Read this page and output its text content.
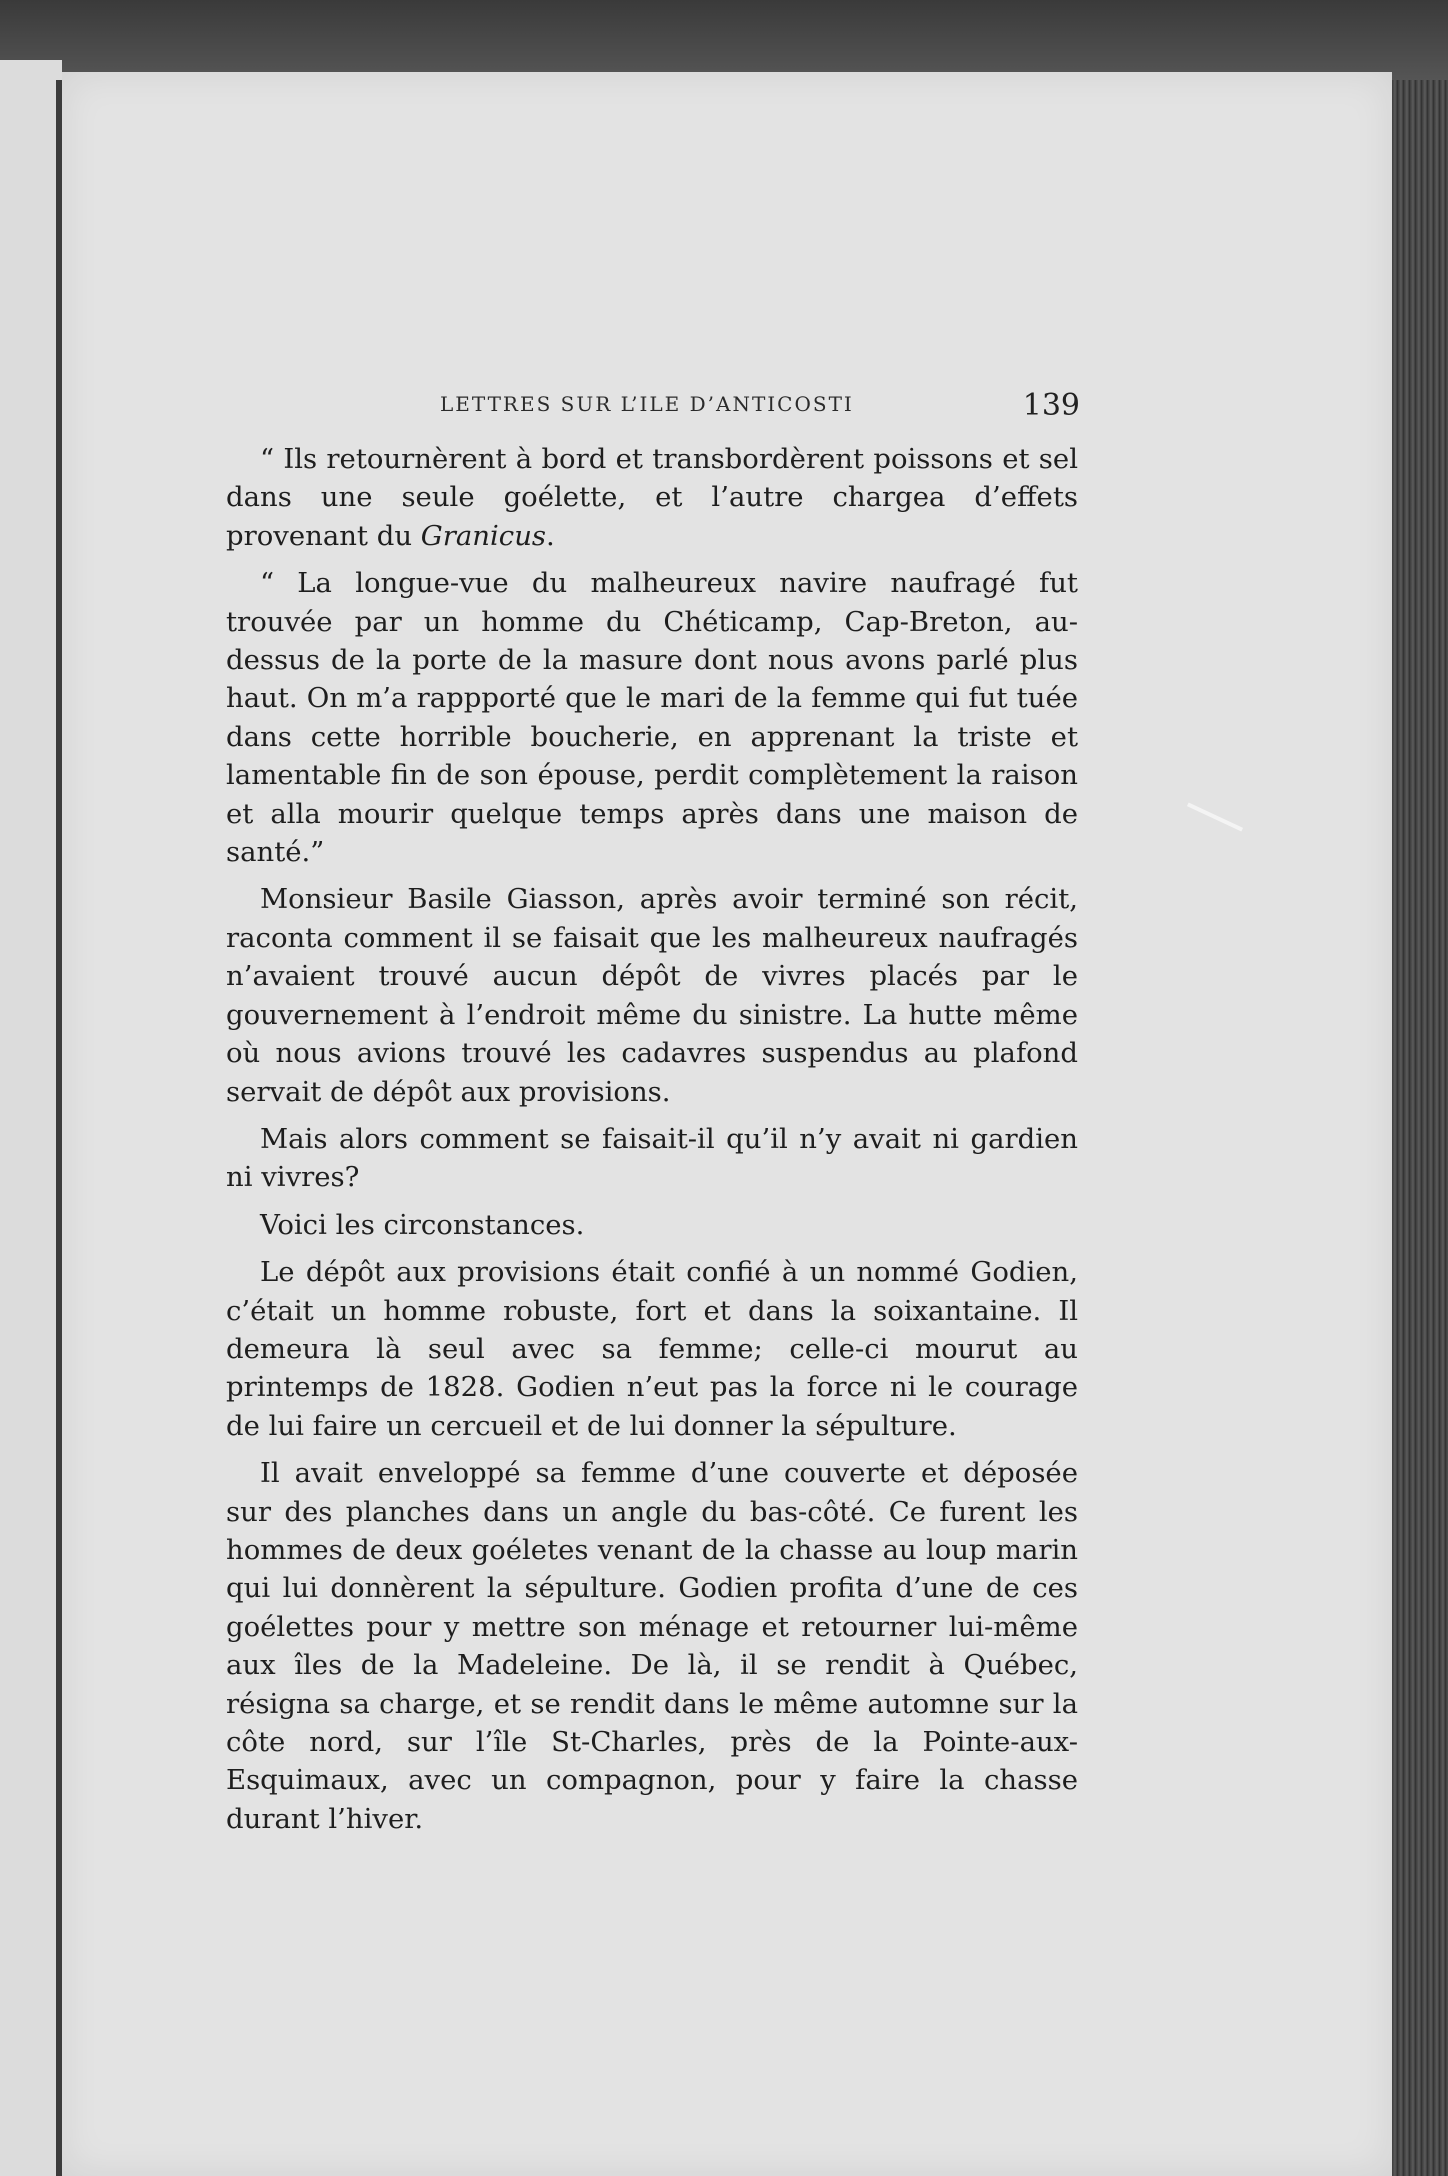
LETTRES SUR L’ILE D’ANTICOSTI	139

“ Ils retournèrent à bord et transbordèrent poissons et sel dans une seule goélette, et l’autre chargea d’effets provenant du Granicus.

“ La longue-vue du malheureux navire naufragé fut trouvée par un homme du Chéticamp, Cap-Breton, au-dessus de la porte de la masure dont nous avons parlé plus haut. On m’a rappporté que le mari de la femme qui fut tuée dans cette horrible boucherie, en apprenant la triste et lamentable fin de son épouse, perdit complètement la raison et alla mourir quelque temps après dans une maison de santé.”

Monsieur Basile Giasson, après avoir terminé son récit, raconta comment il se faisait que les malheureux naufragés n’avaient trouvé aucun dépôt de vivres placés par le gouvernement à l’endroit même du sinistre. La hutte même où nous avions trouvé les cadavres suspendus au plafond servait de dépôt aux provisions.

Mais alors comment se faisait-il qu’il n’y avait ni gardien ni vivres?

Voici les circonstances.

Le dépôt aux provisions était confié à un nommé Godien, c’était un homme robuste, fort et dans la soixantaine. Il demeura là seul avec sa femme; celle-ci mourut au printemps de 1828. Godien n’eut pas la force ni le courage de lui faire un cercueil et de lui donner la sépulture.

Il avait enveloppé sa femme d’une couverte et déposée sur des planches dans un angle du bas-côté. Ce furent les hommes de deux goéletes venant de la chasse au loup marin qui lui donnèrent la sépulture. Godien profita d’une de ces goélettes pour y mettre son ménage et retourner lui-même aux îles de la Madeleine. De là, il se rendit à Québec, résigna sa charge, et se rendit dans le même automne sur la côte nord, sur l’île St-Charles, près de la Pointe-aux-Esquimaux, avec un compagnon, pour y faire la chasse durant l’hiver.
